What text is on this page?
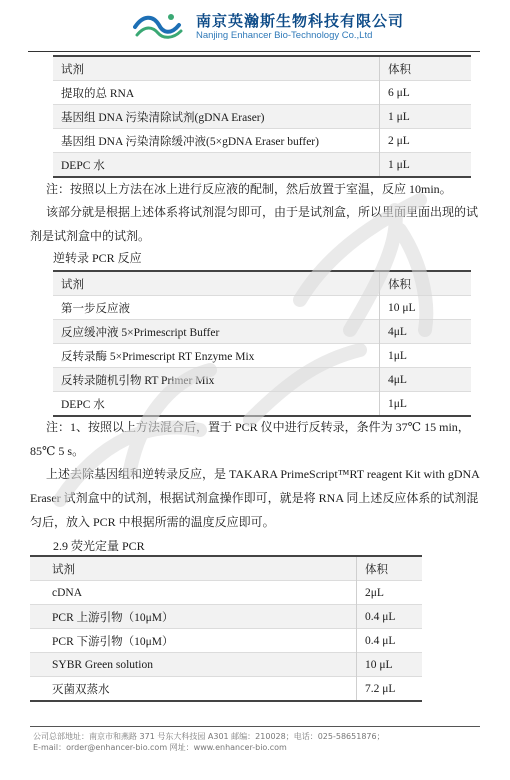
南京英瀚斯生物科技有限公司
Nanjing Enhancer Bio-Technology Co.,Ltd
试剂	体积
提取的总 RNA	6 μL
基因组 DNA 污染清除试剂(gDNA Eraser)	1 μL
基因组 DNA 污染清除缓冲液(5×gDNA Eraser buffer)	2 μL
DEPC 水	1 μL
注：按照以上方法在冰上进行反应液的配制，然后放置于室温，反应 10min。
该部分就是根据上述体系将试剂混匀即可，由于是试剂盒，所以里面里面出现的试
剂是试剂盒中的试剂。
逆转录 PCR 反应
试剂	体积
第一步反应液	10 μL
反应缓冲液 5×Primescript Buffer	4μL
反转录酶 5×Primescript RT Enzyme Mix	1μL
反转录随机引物 RT Primer Mix	4μL
DEPC 水	1μL
注：1、按照以上方法混合后，置于 PCR 仪中进行反转录，条件为 37℃ 15 min，
85℃ 5 s。
上述去除基因组和逆转录反应，是 TAKARA PrimeScript™RT reagent Kit with gDNA
Eraser 试剂盒中的试剂，根据试剂盒操作即可，就是将 RNA 同上述反应体系的试剂混
匀后，放入 PCR 中根据所需的温度反应即可。
2.9 荧光定量 PCR
试剂	体积
cDNA	2μL
PCR 上游引物（10μM）	0.4 μL
PCR 下游引物（10μM）	0.4 μL
SYBR Green solution	10 μL
灭菌双蒸水	7.2 μL
公司总部地址：南京市和燕路 371 号东大科技园 A301 邮编：210028；电话：025-58651876；
E-mail：order@enhancer-bio.com 网址：www.enhancer-bio.com
